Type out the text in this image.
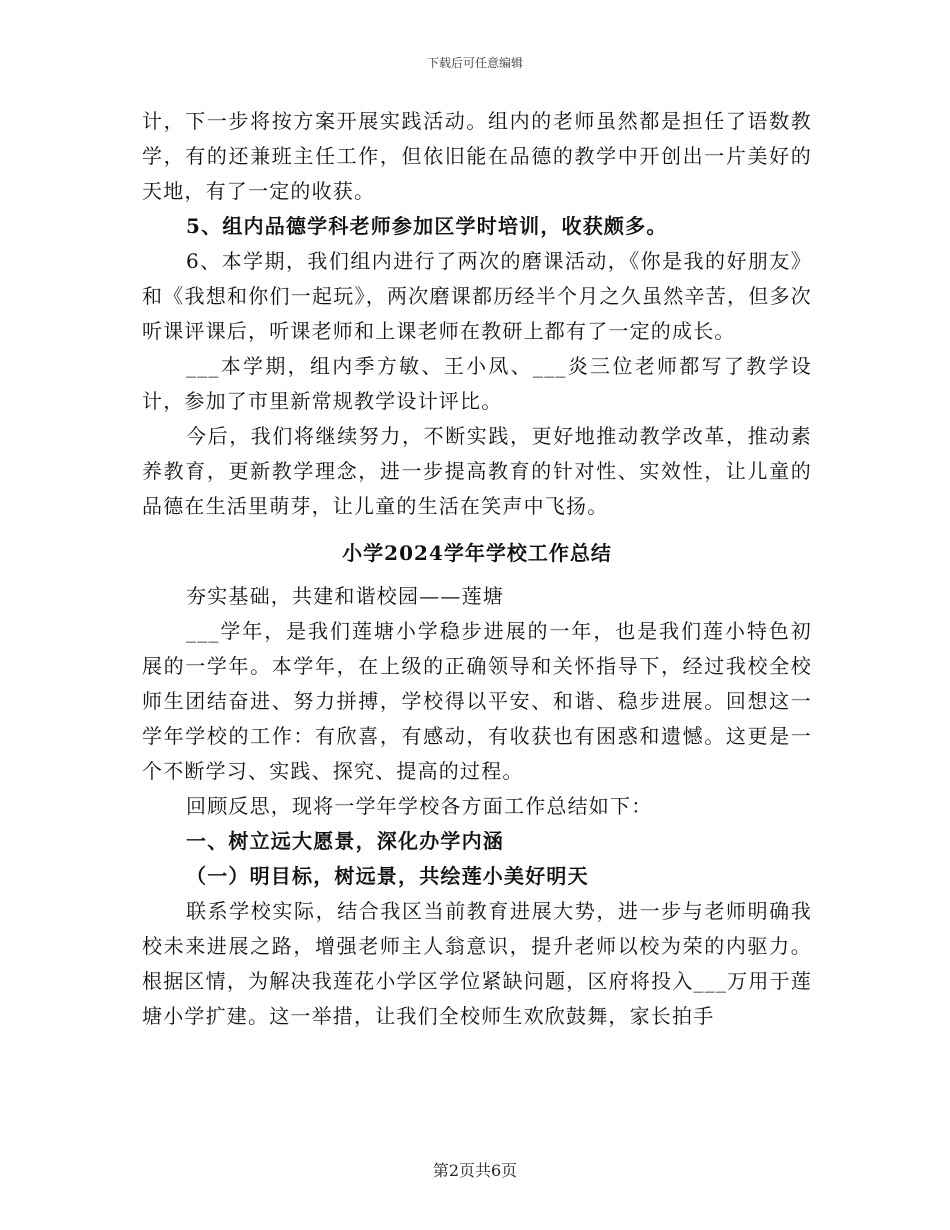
下载后可任意编辑

计，下一步将按方案开展实践活动。组内的老师虽然都是担任了语数教学，有的还兼班主任工作，但依旧能在品德的教学中开创出一片美好的天地，有了一定的收获。

5、组内品德学科老师参加区学时培训，收获颇多。

6、本学期，我们组内进行了两次的磨课活动，《你是我的好朋友》和《我想和你们一起玩》，两次磨课都历经半个月之久虽然辛苦，但多次听课评课后，听课老师和上课老师在教研上都有了一定的成长。

___本学期，组内季方敏、王小凤、___炎三位老师都写了教学设计，参加了市里新常规教学设计评比。

今后，我们将继续努力，不断实践，更好地推动教学改革，推动素养教育，更新教学理念，进一步提高教育的针对性、实效性，让儿童的品德在生活里萌芽，让儿童的生活在笑声中飞扬。

小学2024学年学校工作总结

夯实基础，共建和谐校园——莲塘

___学年，是我们莲塘小学稳步进展的一年，也是我们莲小特色初展的一学年。本学年，在上级的正确领导和关怀指导下，经过我校全校师生团结奋进、努力拼搏，学校得以平安、和谐、稳步进展。回想这一学年学校的工作：有欣喜，有感动，有收获也有困惑和遗憾。这更是一个不断学习、实践、探究、提高的过程。

回顾反思，现将一学年学校各方面工作总结如下：

一、树立远大愿景，深化办学内涵

（一）明目标，树远景，共绘莲小美好明天

联系学校实际，结合我区当前教育进展大势，进一步与老师明确我校未来进展之路，增强老师主人翁意识，提升老师以校为荣的内驱力。根据区情，为解决我莲花小学区学位紧缺问题，区府将投入___万用于莲塘小学扩建。这一举措，让我们全校师生欢欣鼓舞，家长拍手

第2页共6页
